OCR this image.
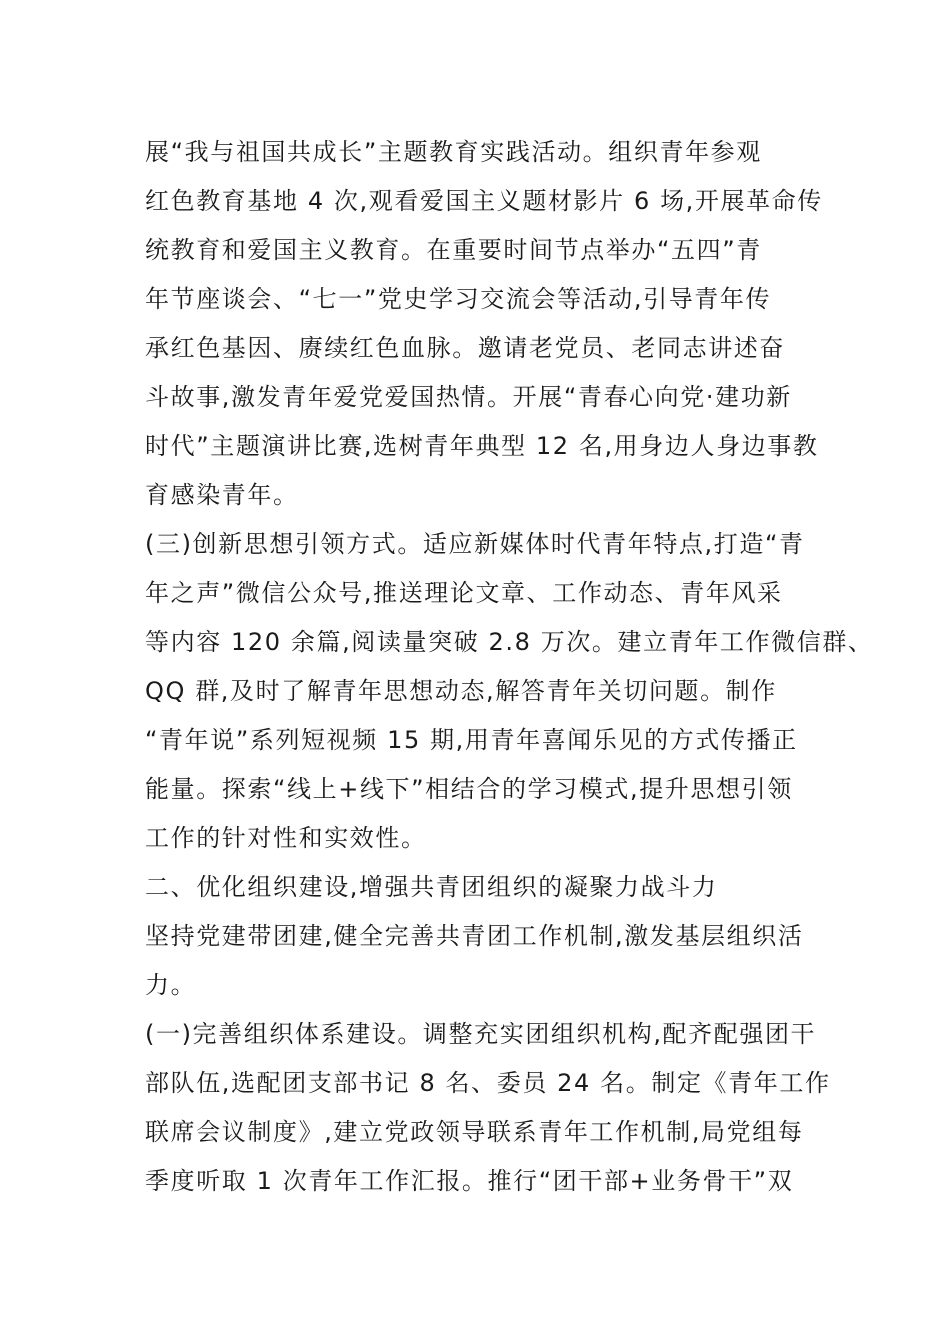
展“我与祖国共成长”主题教育实践活动。组织青年参观
红色教育基地 4 次,观看爱国主义题材影片 6 场,开展革命传
统教育和爱国主义教育。在重要时间节点举办“五四”青
年节座谈会、“七一”党史学习交流会等活动,引导青年传
承红色基因、赓续红色血脉。邀请老党员、老同志讲述奋
斗故事,激发青年爱党爱国热情。开展“青春心向党·建功新
时代”主题演讲比赛,选树青年典型 12 名,用身边人身边事教
育感染青年。
(三)创新思想引领方式。适应新媒体时代青年特点,打造“青
年之声”微信公众号,推送理论文章、工作动态、青年风采
等内容 120 余篇,阅读量突破 2.8 万次。建立青年工作微信群、
QQ 群,及时了解青年思想动态,解答青年关切问题。制作
“青年说”系列短视频 15 期,用青年喜闻乐见的方式传播正
能量。探索“线上+线下”相结合的学习模式,提升思想引领
工作的针对性和实效性。
二、优化组织建设,增强共青团组织的凝聚力战斗力
坚持党建带团建,健全完善共青团工作机制,激发基层组织活
力。
(一)完善组织体系建设。调整充实团组织机构,配齐配强团干
部队伍,选配团支部书记 8 名、委员 24 名。制定《青年工作
联席会议制度》,建立党政领导联系青年工作机制,局党组每
季度听取 1 次青年工作汇报。推行“团干部+业务骨干”双
